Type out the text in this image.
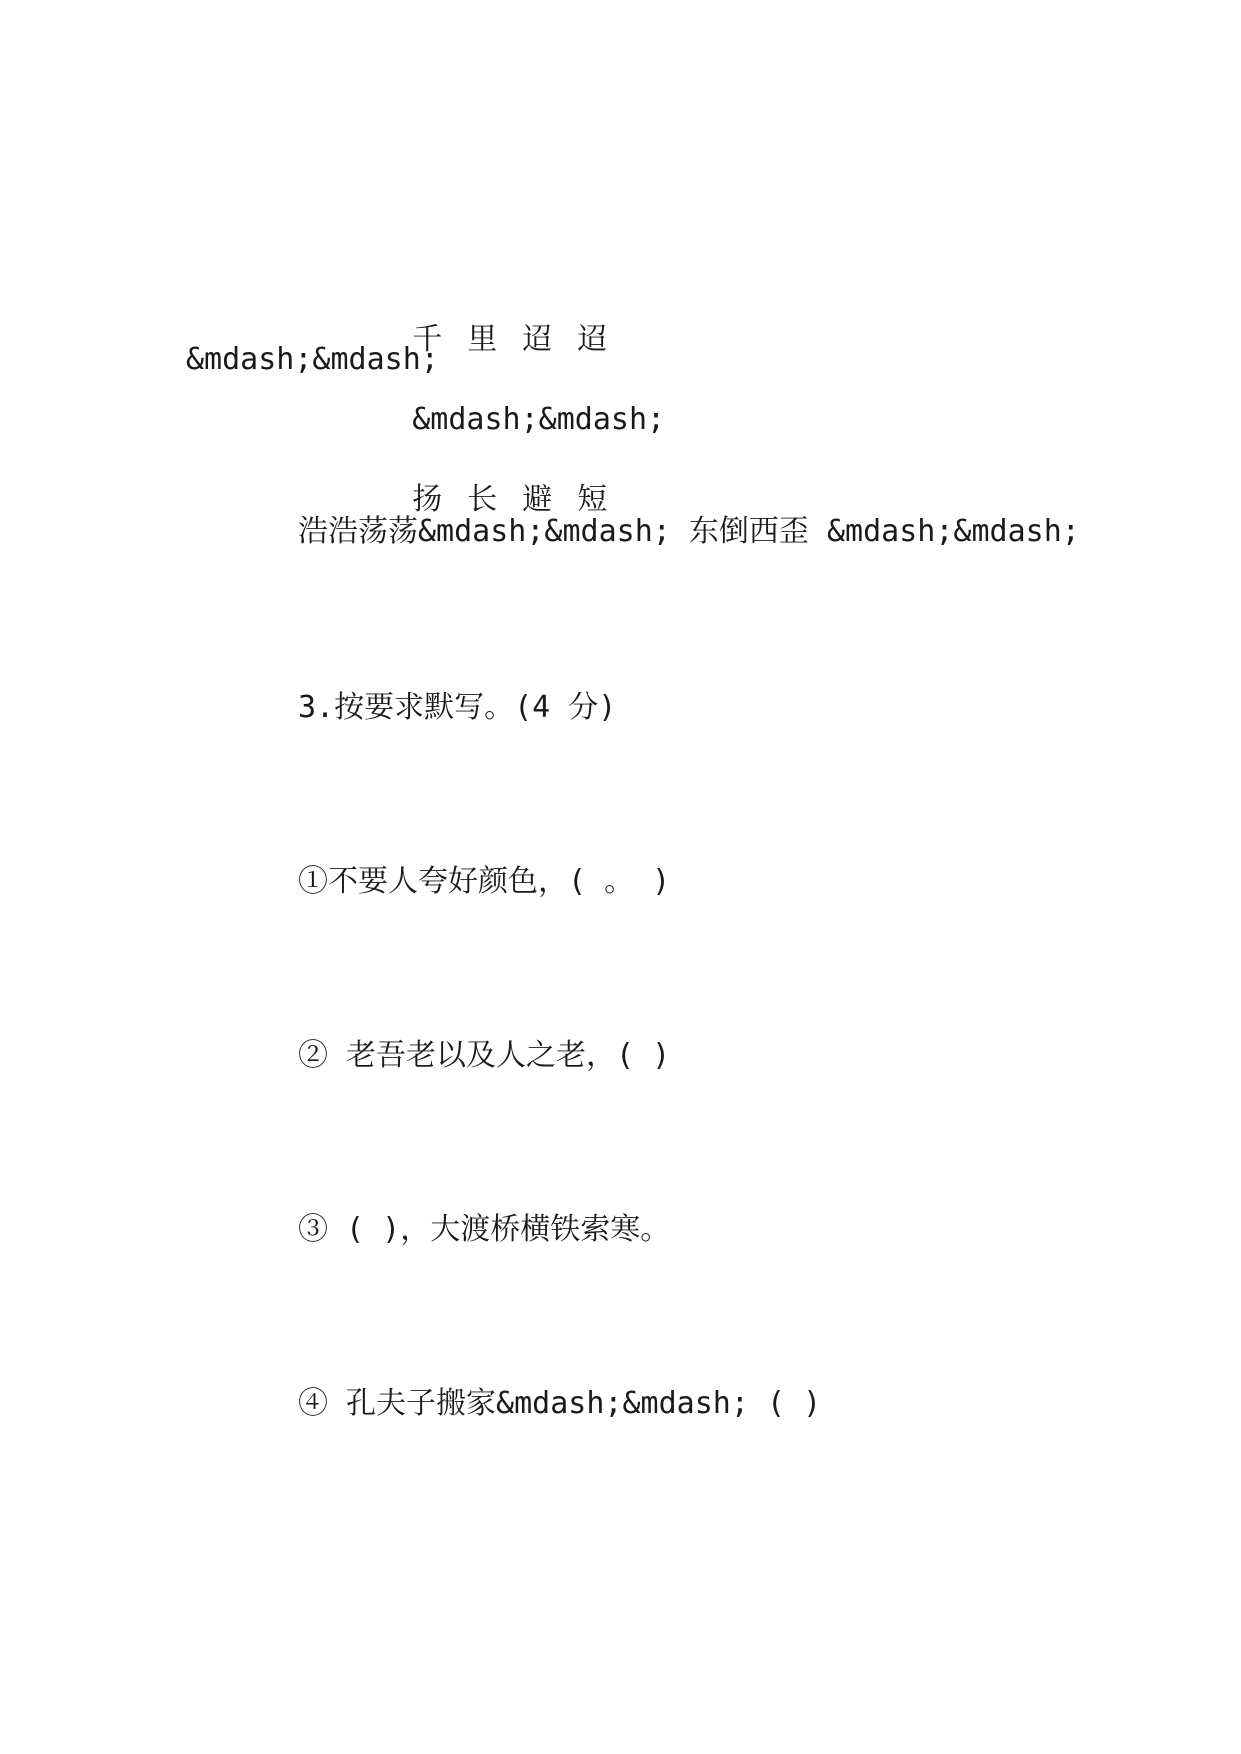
千里迢迢

&mdash;&mdash;

扬长避短

&mdash;&mdash;
浩浩荡荡&mdash;&mdash; 东倒西歪 &mdash;&mdash;
3.按要求默写。(4 分)
①不要人夸好颜色，( 。 )
② 老吾老以及人之老，( )
③ ( )，大渡桥横铁索寒。
④ 孔夫子搬家&mdash;&mdash; ( )
